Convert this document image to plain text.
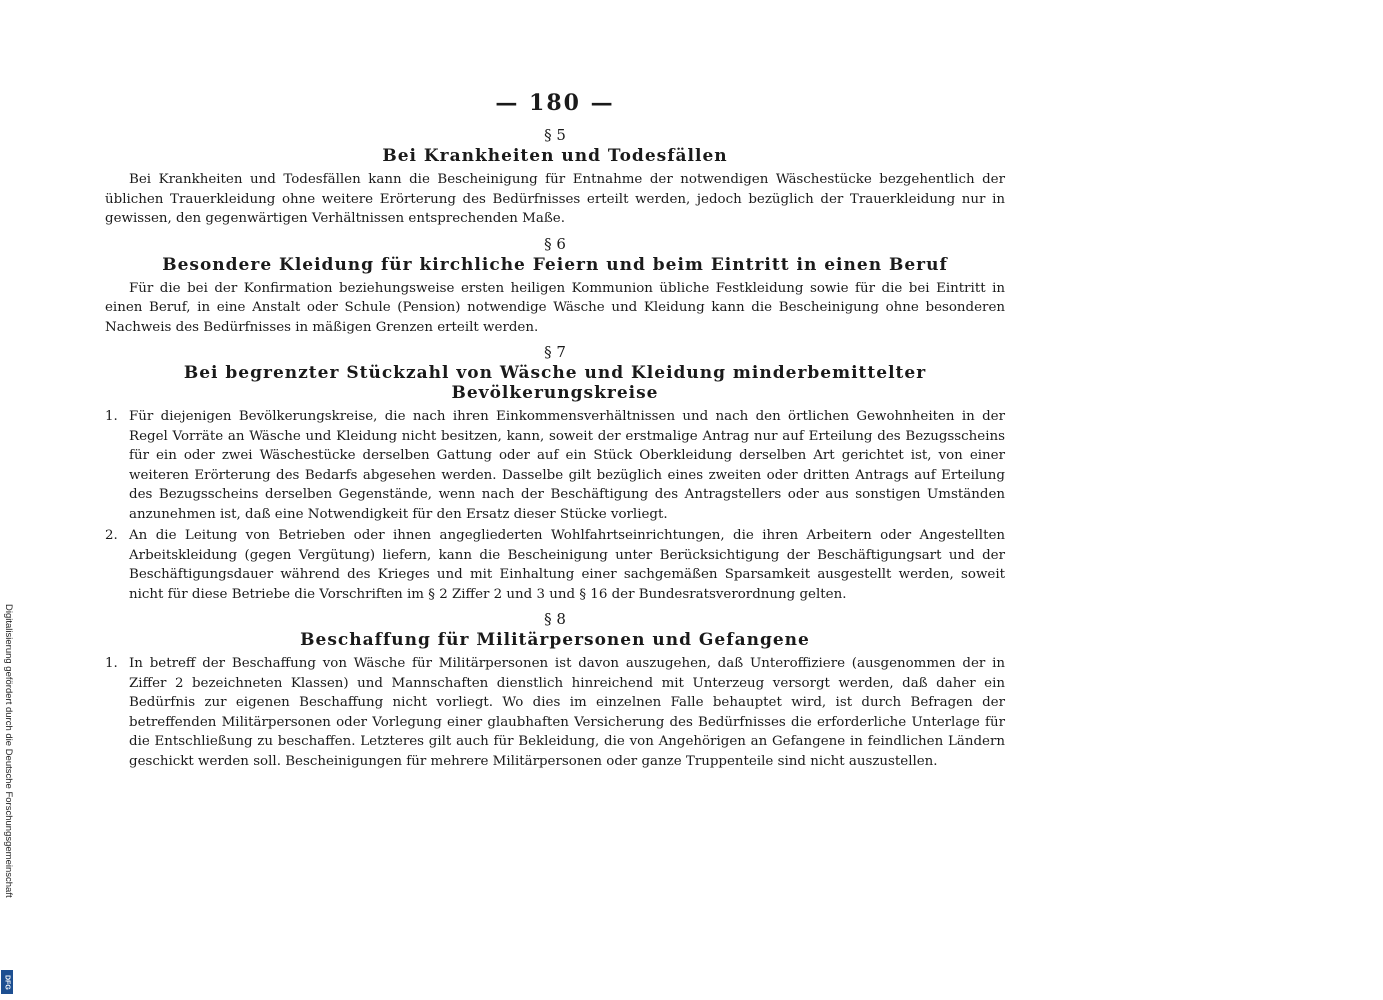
Digitalisierung gefördert durch die Deutsche Forschungsgemeinschaft
DFG
— 180 —
§ 5
Bei Krankheiten und Todesfällen

Bei Krankheiten und Todesfällen kann die Bescheinigung für Entnahme der notwendigen Wäschestücke bezgehentlich der üblichen Trauerkleidung ohne weitere Erörterung des Bedürfnisses erteilt werden, jedoch bezüglich der Trauerkleidung nur in gewissen, den gegenwärtigen Verhältnissen entsprechenden Maße.

§ 6
Besondere Kleidung für kirchliche Feiern und beim Eintritt in einen Beruf

Für die bei der Konfirmation beziehungsweise ersten heiligen Kommunion übliche Festkleidung sowie für die bei Eintritt in einen Beruf, in eine Anstalt oder Schule (Pension) notwendige Wäsche und Kleidung kann die Bescheinigung ohne besonderen Nachweis des Bedürfnisses in mäßigen Grenzen erteilt werden.

§ 7
Bei begrenzter Stückzahl von Wäsche und Kleidung minderbemittelter Bevölkerungskreise
1. Für diejenigen Bevölkerungskreise, die nach ihren Einkommensverhältnissen und nach den örtlichen Gewohnheiten in der Regel Vorräte an Wäsche und Kleidung nicht besitzen, kann, soweit der erstmalige Antrag nur auf Erteilung des Bezugsscheins für ein oder zwei Wäschestücke derselben Gattung oder auf ein Stück Oberkleidung derselben Art gerichtet ist, von einer weiteren Erörterung des Bedarfs abgesehen werden. Dasselbe gilt bezüglich eines zweiten oder dritten Antrags auf Erteilung des Bezugsscheins derselben Gegenstände, wenn nach der Beschäftigung des Antragstellers oder aus sonstigen Umständen anzunehmen ist, daß eine Notwendigkeit für den Ersatz dieser Stücke vorliegt.
2. An die Leitung von Betrieben oder ihnen angegliederten Wohlfahrtseinrichtungen, die ihren Arbeitern oder Angestellten Arbeitskleidung (gegen Vergütung) liefern, kann die Bescheinigung unter Berücksichtigung der Beschäftigungsart und der Beschäftigungsdauer während des Krieges und mit Einhaltung einer sachgemäßen Sparsamkeit ausgestellt werden, soweit nicht für diese Betriebe die Vorschriften im § 2 Ziffer 2 und 3 und § 16 der Bundesratsverordnung gelten.
§ 8
Beschaffung für Militärpersonen und Gefangene
1. In betreff der Beschaffung von Wäsche für Militärpersonen ist davon auszugehen, daß Unteroffiziere (ausgenommen der in Ziffer 2 bezeichneten Klassen) und Mannschaften dienstlich hinreichend mit Unterzeug versorgt werden, daß daher ein Bedürfnis zur eigenen Beschaffung nicht vorliegt. Wo dies im einzelnen Falle behauptet wird, ist durch Befragen der betreffenden Militärpersonen oder Vorlegung einer glaubhaften Versicherung des Bedürfnisses die erforderliche Unterlage für die Entschließung zu beschaffen. Letzteres gilt auch für Bekleidung, die von Angehörigen an Gefangene in feindlichen Ländern geschickt werden soll. Bescheinigungen für mehrere Militärpersonen oder ganze Truppenteile sind nicht auszustellen.
